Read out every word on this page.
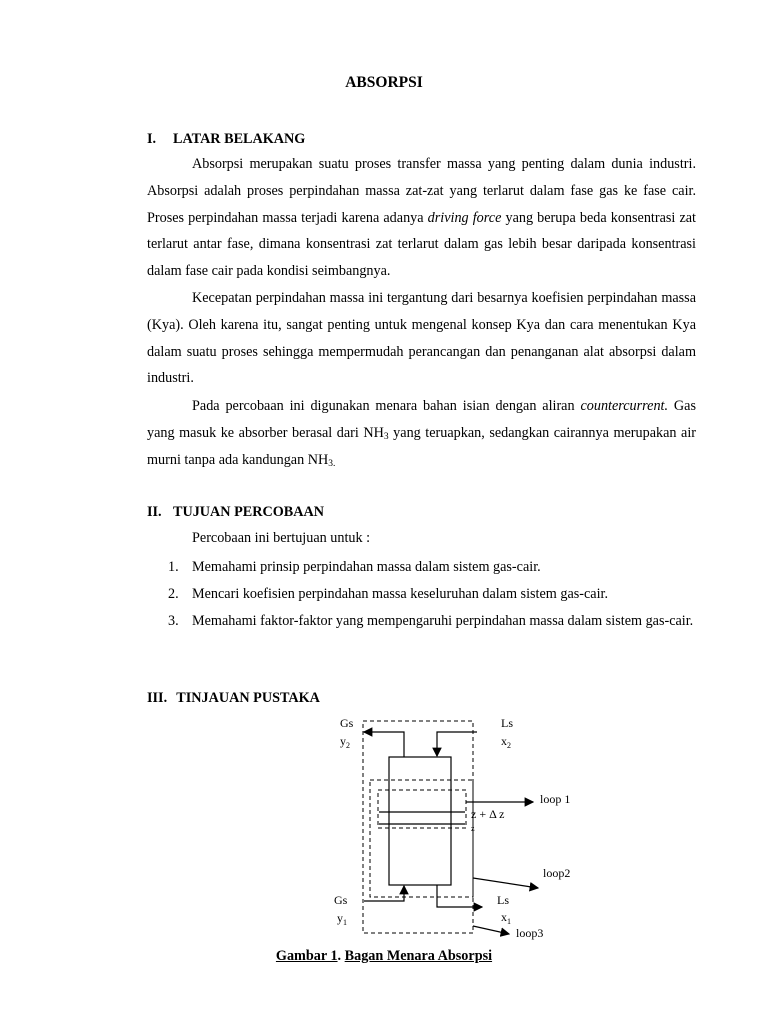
ABSORPSI
I. LATAR BELAKANG

Absorpsi merupakan suatu proses transfer massa yang penting dalam dunia industri. Absorpsi adalah proses perpindahan massa zat-zat yang terlarut dalam fase gas ke fase cair. Proses perpindahan massa terjadi karena adanya driving force yang berupa beda konsentrasi zat terlarut antar fase, dimana konsentrasi zat terlarut dalam gas lebih besar daripada konsentrasi dalam fase cair pada kondisi seimbangnya.

Kecepatan perpindahan massa ini tergantung dari besarnya koefisien perpindahan massa (Kya). Oleh karena itu, sangat penting untuk mengenal konsep Kya dan cara menentukan Kya dalam suatu proses sehingga mempermudah perancangan dan penanganan alat absorpsi dalam industri.

Pada percobaan ini digunakan menara bahan isian dengan aliran countercurrent. Gas yang masuk ke absorber berasal dari $NH_3$ yang teruapkan, sedangkan cairannya merupakan air murni tanpa ada kandungan $NH_{3.}$

II. TUJUAN PERCOBAAN
Percobaan ini bertujuan untuk :
1. Memahami prinsip perpindahan massa dalam sistem gas-cair.
2. Mencari koefisien perpindahan massa keseluruhan dalam sistem gas-cair.
3. Memahami faktor-faktor yang mempengaruhi perpindahan massa dalam sistem gas-cair.
III. TINJAUAN PUSTAKA
Gs
$y_2$
Ls
$x_2$
loop 1
z + Δ z
z
loop2
Gs
$y_1$
Ls
$x_1$
loop3
Gambar 1. Bagan Menara Absorpsi
